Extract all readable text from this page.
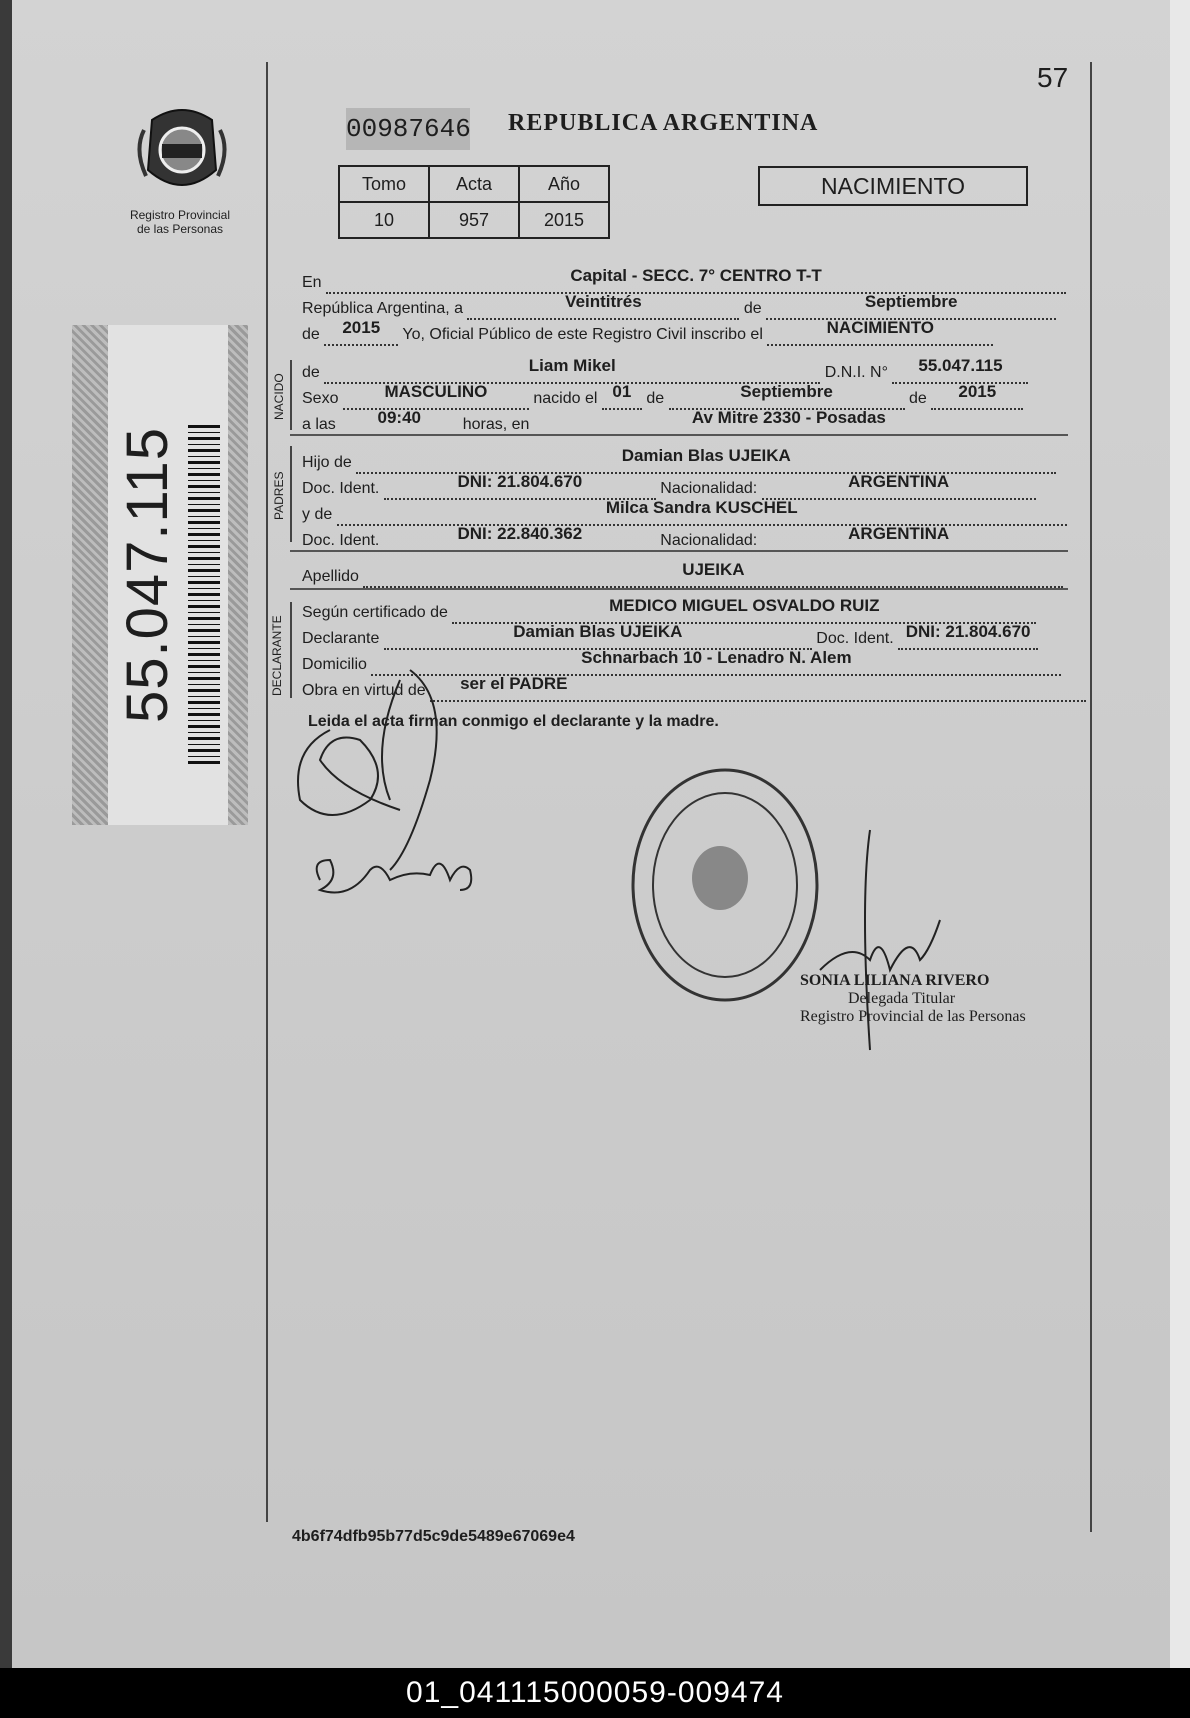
57
Registro Provincial
de las Personas
00987646 REPUBLICA ARGENTINA
Tomo	Acta	Año
10	957	2015
NACIMIENTO
55.047.115
NACIDO
PADRES
DECLARANTE
En	Capital - SECC. 7° CENTRO T-T
República Argentina, a	Veintitrés	de	Septiembre
de 2015 Yo, Oficial Público de este Registro Civil inscribo el	NACIMIENTO
de	Liam Mikel	D.N.I. N° 55.047.115
Sexo	MASCULINO	nacido el 01 de	Septiembre	de 2015
a las 09:40	horas, en	Av Mitre 2330 - Posadas
Hijo de	Damian Blas UJEIKA
Doc. Ident.	DNI: 21.804.670	Nacionalidad:	ARGENTINA
y de	Milca Sandra KUSCHEL
Doc. Ident.	DNI: 22.840.362	Nacionalidad:	ARGENTINA
Apellido	UJEIKA
Según certificado de	MEDICO MIGUEL OSVALDO RUIZ
Declarante	Damian Blas UJEIKA	Doc. Ident. DNI: 21.804.670
Domicilio	Schnarbach 10 - Lenadro N. Alem
Obra en virtud de ser el PADRE
Leida el acta firman conmigo el declarante y la madre.
SONIA LILIANA RIVERO
Delegada Titular
Registro Provincial de las Personas
4b6f74dfb95b77d5c9de5489e67069e4
01_041115000059-009474
